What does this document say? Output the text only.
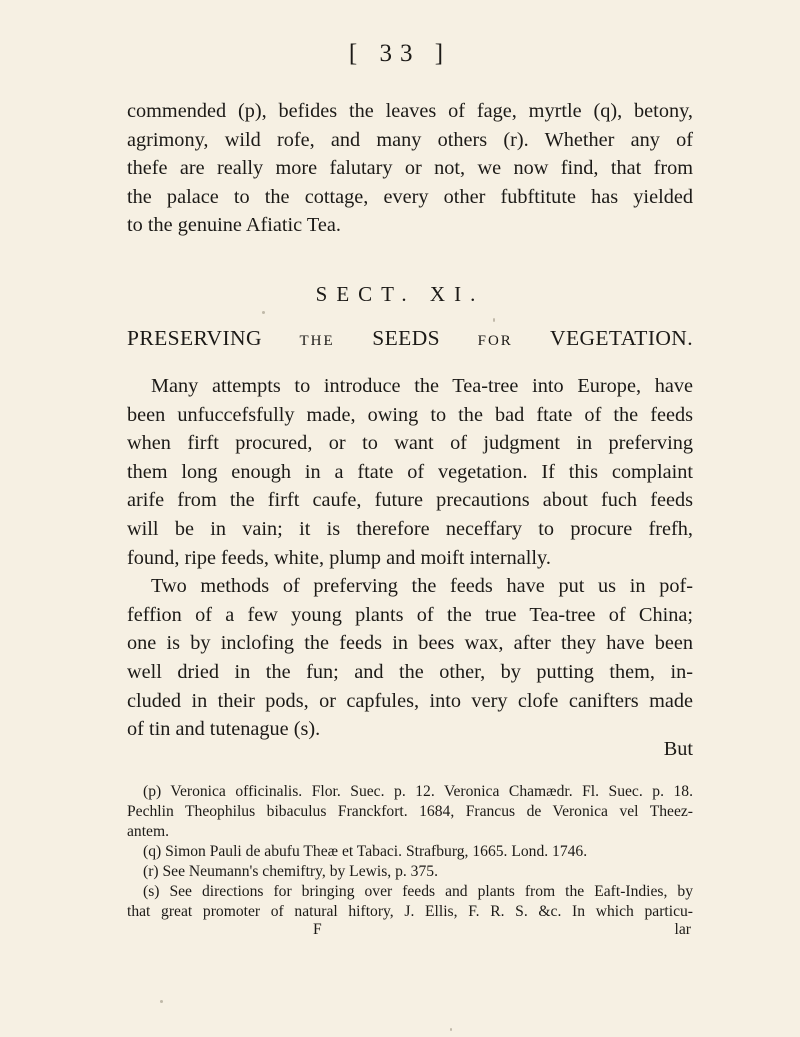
[ 33 ]
commended (p), befides the leaves of fage, myrtle (q), betony,
agrimony, wild rofe, and many others (r). Whether any of
thefe are really more falutary or not, we now find, that from
the palace to the cottage, every other fubftitute has yielded
to the genuine Afiatic Tea.
SECT. XI.
PRESERVING	THE SEEDS	FOR VEGETATION.
Many attempts to introduce the Tea-tree into Europe, have
been unfuccefsfully made, owing to the bad ftate of the feeds
when firft procured, or to want of judgment in preferving
them long enough in a ftate of vegetation. If this complaint
arife from the firft caufe, future precautions about fuch feeds
will be in vain; it is therefore neceffary to procure frefh,
found, ripe feeds, white, plump and moift internally.
Two methods of preferving the feeds have put us in pof-
feffion of a few young plants of the true Tea-tree of China;
one is by inclofing the feeds in bees wax, after they have been
well dried in the fun; and the other, by putting them, in-
cluded in their pods, or capfules, into very clofe canifters made
of tin and tutenague (s).
But
(p) Veronica officinalis. Flor. Suec. p. 12. Veronica Chamædr. Fl. Suec. p. 18.
Pechlin Theophilus bibaculus Franckfort. 1684, Francus de Veronica vel Theez-
antem.
(q) Simon Pauli de abufu Theæ et Tabaci. Strafburg, 1665. Lond. 1746.
(r) See Neumann's chemiftry, by Lewis, p. 375.
(s) See directions for bringing over feeds and plants from the Eaft-Indies, by
that great promoter of natural hiftory, J. Ellis, F. R. S. &c. In which particu-
F	lar
